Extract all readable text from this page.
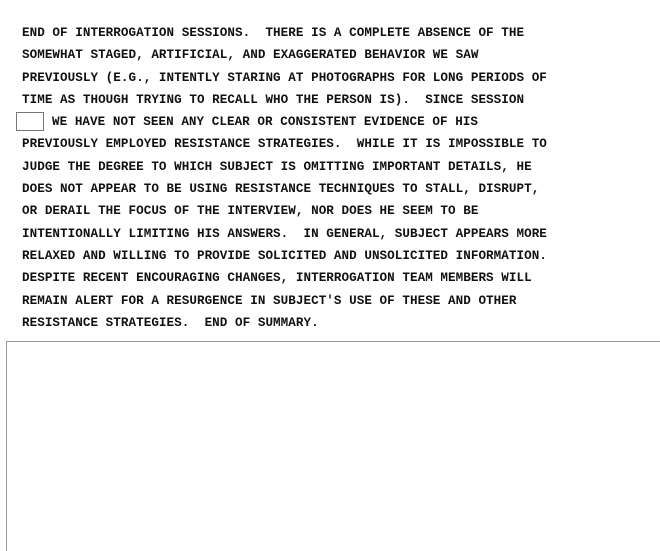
END OF INTERROGATION SESSIONS.  THERE IS A COMPLETE ABSENCE OF THE
SOMEWHAT STAGED, ARTIFICIAL, AND EXAGGERATED BEHAVIOR WE SAW
PREVIOUSLY (E.G., INTENTLY STARING AT PHOTOGRAPHS FOR LONG PERIODS OF
TIME AS THOUGH TRYING TO RECALL WHO THE PERSON IS).  SINCE SESSION
WE HAVE NOT SEEN ANY CLEAR OR CONSISTENT EVIDENCE OF HIS
PREVIOUSLY EMPLOYED RESISTANCE STRATEGIES.  WHILE IT IS IMPOSSIBLE TO
JUDGE THE DEGREE TO WHICH SUBJECT IS OMITTING IMPORTANT DETAILS, HE
DOES NOT APPEAR TO BE USING RESISTANCE TECHNIQUES TO STALL, DISRUPT,
OR DERAIL THE FOCUS OF THE INTERVIEW, NOR DOES HE SEEM TO BE
INTENTIONALLY LIMITING HIS ANSWERS.  IN GENERAL, SUBJECT APPEARS MORE
RELAXED AND WILLING TO PROVIDE SOLICITED AND UNSOLICITED INFORMATION.
DESPITE RECENT ENCOURAGING CHANGES, INTERROGATION TEAM MEMBERS WILL
REMAIN ALERT FOR A RESURGENCE IN SUBJECT'S USE OF THESE AND OTHER
RESISTANCE STRATEGIES.  END OF SUMMARY.
